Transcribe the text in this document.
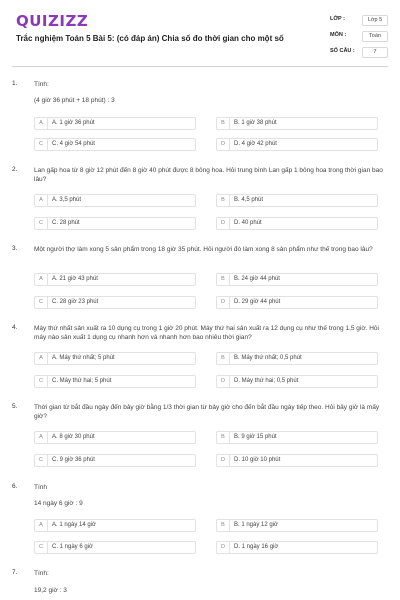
QUIZIZZ
Trắc nghiệm Toán 5 Bài 5: (có đáp án) Chia số đo thời gian cho một số
LỚP :	Lớp 5
MÔN :	Toán
SỐ CÂU :	7
1.	Tính:
(4 giờ 36 phút + 18 phút) : 3
A	A. 1 giờ 36 phút	B	B. 1 giờ 38 phút
C	C. 4 giờ 54 phút	D	D. 4 giờ 42 phút
2.	Lan gấp hoa từ 8 giờ 12 phút đến 8 giờ 40 phút được 8 bông hoa. Hỏi trung bình Lan gấp 1 bông hoa trong thời gian bao lâu?
A	A. 3,5 phút	B	B. 4,5 phút
C	C. 28 phút	D	D. 40 phút
3.	Một người thợ làm xong 5 sản phẩm trong 18 giờ 35 phút. Hỏi người đó làm xong 8 sản phẩm như thế trong bao lâu?
A	A. 21 giờ 43 phút	B	B. 24 giờ 44 phút
C	C. 28 giờ 23 phút	D	D. 29 giờ 44 phút
4.	Máy thứ nhất sản xuất ra 10 dụng cụ trong 1 giờ 20 phút. Máy thứ hai sản xuất ra 12 dụng cụ như thế trong 1,5 giờ. Hỏi máy nào sản xuất 1 dụng cụ nhanh hơn và nhanh hơn bao nhiêu thời gian?
A	A. Máy thứ nhất; 5 phút	B	B. Máy thứ nhất; 0,5 phút
C	C. Máy thứ hai; 5 phút	D	D. Máy thứ hai; 0,5 phút
5.	Thời gian từ bắt đầu ngày đến bảy giờ bằng 1/3 thời gian từ bảy giờ cho đến bắt đầu ngày tiếp theo. Hỏi bây giờ là mấy giờ?
A	A. 8 giờ 30 phút	B	B. 9 giờ 15 phút
C	C. 9 giờ 36 phút	D	D. 10 giờ 10 phút
6.	Tính
14 ngày 6 giờ : 9
A	A. 1 ngày 14 giờ	B	B. 1 ngày 12 giờ
C	C. 1 ngày 6 giờ	D	D. 1 ngày 16 giờ
7.	Tính:
19,2 giờ : 3
